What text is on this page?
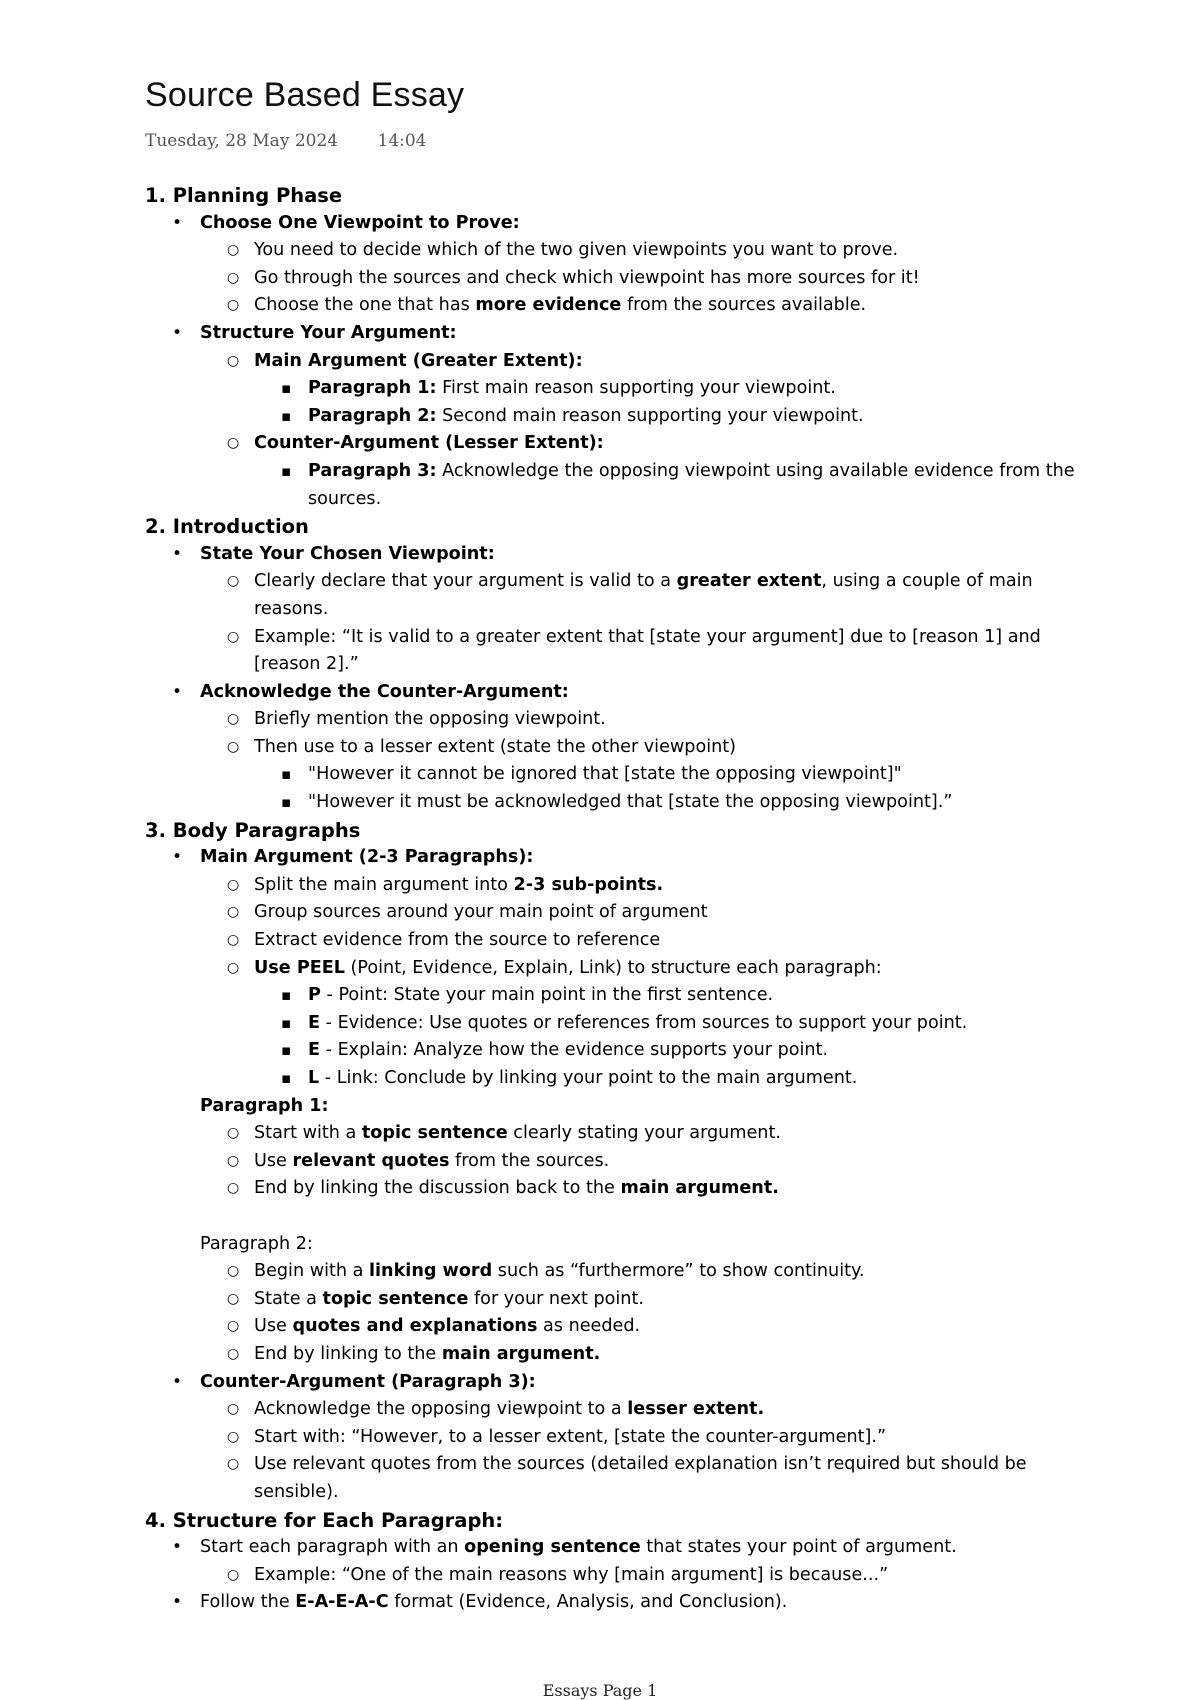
Source Based Essay
Tuesday, 28 May 2024 14:04
1. Planning Phase
• Choose One Viewpoint to Prove:
○ You need to decide which of the two given viewpoints you want to prove.
○ Go through the sources and check which viewpoint has more sources for it!
○ Choose the one that has more evidence from the sources available.
• Structure Your Argument:
○ Main Argument (Greater Extent):
▪ Paragraph 1: First main reason supporting your viewpoint.
▪ Paragraph 2: Second main reason supporting your viewpoint.
○ Counter-Argument (Lesser Extent):
▪ Paragraph 3: Acknowledge the opposing viewpoint using available evidence from the sources.
2. Introduction
• State Your Chosen Viewpoint:
○ Clearly declare that your argument is valid to a greater extent, using a couple of main reasons.
○ Example: “It is valid to a greater extent that [state your argument] due to [reason 1] and [reason 2].”
• Acknowledge the Counter-Argument:
○ Briefly mention the opposing viewpoint.
○ Then use to a lesser extent (state the other viewpoint)
▪ "However it cannot be ignored that [state the opposing viewpoint]"
▪ "However it must be acknowledged that [state the opposing viewpoint].”
3. Body Paragraphs
• Main Argument (2-3 Paragraphs):
○ Split the main argument into 2-3 sub-points.
○ Group sources around your main point of argument
○ Extract evidence from the source to reference
○ Use PEEL (Point, Evidence, Explain, Link) to structure each paragraph:
▪ P - Point: State your main point in the first sentence.
▪ E - Evidence: Use quotes or references from sources to support your point.
▪ E - Explain: Analyze how the evidence supports your point.
▪ L - Link: Conclude by linking your point to the main argument.
Paragraph 1:
○ Start with a topic sentence clearly stating your argument.
○ Use relevant quotes from the sources.
○ End by linking the discussion back to the main argument.
Paragraph 2:
○ Begin with a linking word such as “furthermore” to show continuity.
○ State a topic sentence for your next point.
○ Use quotes and explanations as needed.
○ End by linking to the main argument.
• Counter-Argument (Paragraph 3):
○ Acknowledge the opposing viewpoint to a lesser extent.
○ Start with: “However, to a lesser extent, [state the counter-argument].”
○ Use relevant quotes from the sources (detailed explanation isn’t required but should be sensible).
4. Structure for Each Paragraph:
• Start each paragraph with an opening sentence that states your point of argument.
○ Example: “One of the main reasons why [main argument] is because...”
• Follow the E-A-E-A-C format (Evidence, Analysis, and Conclusion).
Essays Page 1
